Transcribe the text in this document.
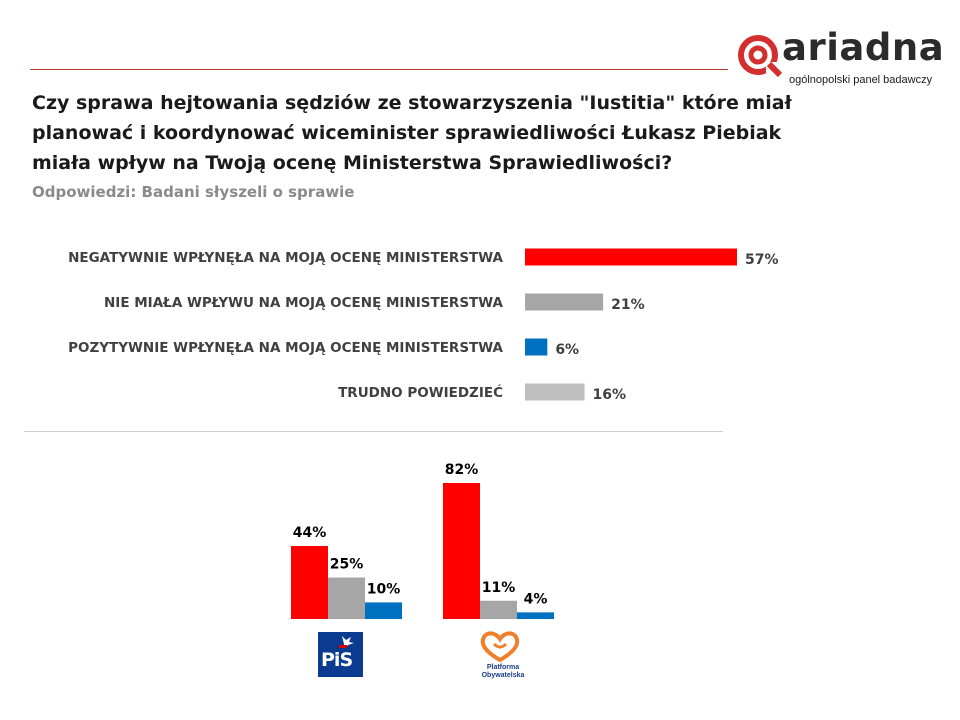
ariadna
ogólnopolski panel badawczy

Czy sprawa hejtowania sędziów ze stowarzyszenia "Iustitia" które miał planować i koordynować wiceminister sprawiedliwości Łukasz Piebiak miała wpływ na Twoją ocenę Ministerstwa Sprawiedliwości?

Odpowiedzi: Badani słyszeli o sprawie
NEGATYWNIE WPŁYNĘŁA NA MOJĄ OCENĘ MINISTERSTWA	57%
NIE MIAŁA WPŁYWU NA MOJĄ OCENĘ MINISTERSTWA	21%
POZYTYWNIE WPŁYNĘŁA NA MOJĄ OCENĘ MINISTERSTWA	6%
TRUDNO POWIEDZIEĆ	16%
44%
25%
10%
82%
11%
4%
PiS	Platforma Obywatelska
